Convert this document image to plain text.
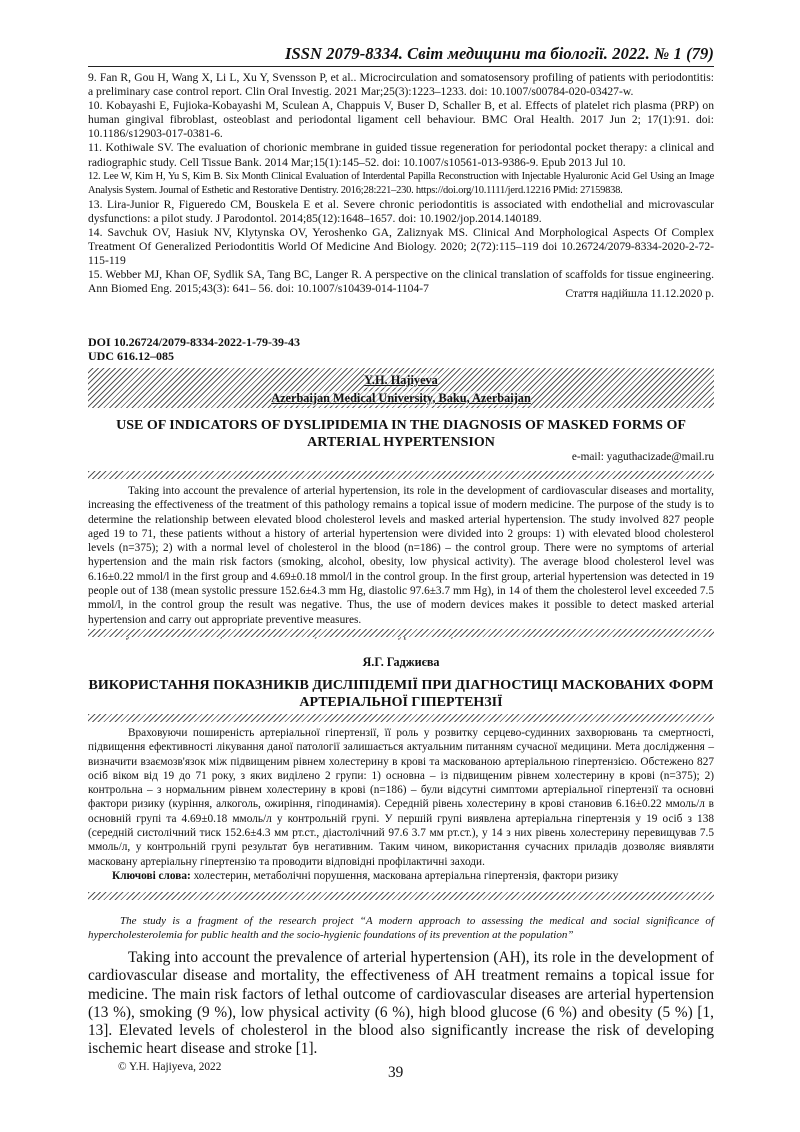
ISSN 2079-8334. Світ медицини та біології. 2022. № 1 (79)

9. Fan R, Gou H, Wang X, Li L, Xu Y, Svensson P, et al.. Microcirculation and somatosensory profiling of patients with periodontitis: a preliminary case control report. Clin Oral Investig. 2021 Mar;25(3):1223–1233. doi: 10.1007/s00784-020-03427-w.

10. Kobayashi E, Fujioka-Kobayashi M, Sculean A, Chappuis V, Buser D, Schaller B, et al. Effects of platelet rich plasma (PRP) on human gingival fibroblast, osteoblast and periodontal ligament cell behaviour. BMC Oral Health. 2017 Jun 2; 17(1):91. doi: 10.1186/s12903-017-0381-6.

11. Kothiwale SV. The evaluation of chorionic membrane in guided tissue regeneration for periodontal pocket therapy: a clinical and radiographic study. Cell Tissue Bank. 2014 Mar;15(1):145–52. doi: 10.1007/s10561-013-9386-9. Epub 2013 Jul 10.

12. Lee W, Kim H, Yu S, Kim B. Six Month Clinical Evaluation of Interdental Papilla Reconstruction with Injectable Hyaluronic Acid Gel Using an Image Analysis System. Journal of Esthetic and Restorative Dentistry. 2016;28:221–230. https://doi.org/10.1111/jerd.12216 PMid: 27159838.

13. Lira-Junior R, Figueredo CM, Bouskela E et al. Severe chronic periodontitis is associated with endothelial and microvascular dysfunctions: a pilot study. J Parodontol. 2014;85(12):1648–1657. doi: 10.1902/jop.2014.140189.

14. Savchuk OV, Hasiuk NV, Klytynska OV, Yeroshenko GA, Zaliznyak MS. Clinical And Morphological Aspects Of Complex Treatment Of Generalized Periodontitis World Of Medicine And Biology. 2020; 2(72):115–119 doi 10.26724/2079-8334-2020-2-72-115-119

15. Webber MJ, Khan OF, Sydlik SA, Tang BC, Langer R. A perspective on the clinical translation of scaffolds for tissue engineering. Ann Biomed Eng. 2015;43(3): 641– 56. doi: 10.1007/s10439-014-1104-7	Стаття надійшла 11.12.2020 р.
DOI 10.26724/2079-8334-2022-1-79-39-43
UDC 616.12–085
Y.H. Hajiyeva
Azerbaijan Medical University, Baku, Azerbaijan
USE OF INDICATORS OF DYSLIPIDEMIA IN THE DIAGNOSIS OF MASKED FORMS OF ARTERIAL HYPERTENSION
e-mail: yaguthacizade@mail.ru

Taking into account the prevalence of arterial hypertension, its role in the development of cardiovascular diseases and mortality, increasing the effectiveness of the treatment of this pathology remains a topical issue of modern medicine. The purpose of the study is to determine the relationship between elevated blood cholesterol levels and masked arterial hypertension. The study involved 827 people aged 19 to 71, these patients without a history of arterial hypertension were divided into 2 groups: 1) with elevated blood cholesterol levels (n=375); 2) with a normal level of cholesterol in the blood (n=186) – the control group. There were no symptoms of arterial hypertension and the main risk factors (smoking, alcohol, obesity, low physical activity). The average blood cholesterol level was 6.16±0.22 mmol/l in the first group and 4.69±0.18 mmol/l in the control group. In the first group, arterial hypertension was detected in 19 people out of 138 (mean systolic pressure 152.6±4.3 mm Hg, diastolic 97.6±3.7 mm Hg), in 14 of them the cholesterol level exceeded 7.5 mmol/l, in the control group the result was negative. Thus, the use of modern devices makes it possible to detect masked arterial hypertension and carry out appropriate preventive measures.

Я.Г. Гаджиєва
ВИКОРИСТАННЯ ПОКАЗНИКІВ ДИСЛІПІДЕМІЇ ПРИ ДІАГНОСТИЦІ МАСКОВАНИХ ФОРМ АРТЕРІАЛЬНОЇ ГІПЕРТЕНЗІЇ

Враховуючи поширеність артеріальної гіпертензії, її роль у розвитку серцево-судинних захворювань та смертності, підвищення ефективності лікування даної патології залишається актуальним питанням сучасної медицини. Мета дослідження – визначити взаємозв'язок між підвищеним рівнем холестерину в крові та маскованою артеріальною гіпертензією. Обстежено 827 осіб віком від 19 до 71 року, з яких виділено 2 групи: 1) основна – із підвищеним рівнем холестерину в крові (n=375); 2) контрольна – з нормальним рівнем холестерину в крові (n=186) – були відсутні симптоми артеріальної гіпертензії та основні фактори ризику (куріння, алкоголь, ожиріння, гіподинамія). Середній рівень холестерину в крові становив 6.16±0.22 ммоль/л в основній групі та 4.69±0.18 ммоль/л у контрольній групі. У першій групі виявлена артеріальна гіпертензія у 19 осіб з 138 (середній систолічний тиск 152.6±4.3 мм рт.ст., діастолічний 97.6 3.7 мм рт.ст.), у 14 з них рівень холестерину перевищував 7.5 ммоль/л, у контрольній групі результат був негативним. Таким чином, використання сучасних приладів дозволяє виявляти масковану артеріальну гіпертензію та проводити відповідні профілактичні заходи.

Ключові слова: холестерин, метаболічні порушення, маскована артеріальна гіпертензія, фактори ризику

The study is a fragment of the research project “A modern approach to assessing the medical and social significance of hypercholesterolemia for public health and the socio-hygienic foundations of its prevention at the population”
Taking into account the prevalence of arterial hypertension (AH), its role in the development of cardiovascular disease and mortality, the effectiveness of AH treatment remains a topical issue for medicine. The main risk factors of lethal outcome of cardiovascular diseases are arterial hypertension (13 %), smoking (9 %), low physical activity (6 %), high blood glucose (6 %) and obesity (5 %) [1, 13]. Elevated levels of cholesterol in the blood also significantly increase the risk of developing ischemic heart disease and stroke [1].
© Y.H. Hajiyeva, 2022	39
